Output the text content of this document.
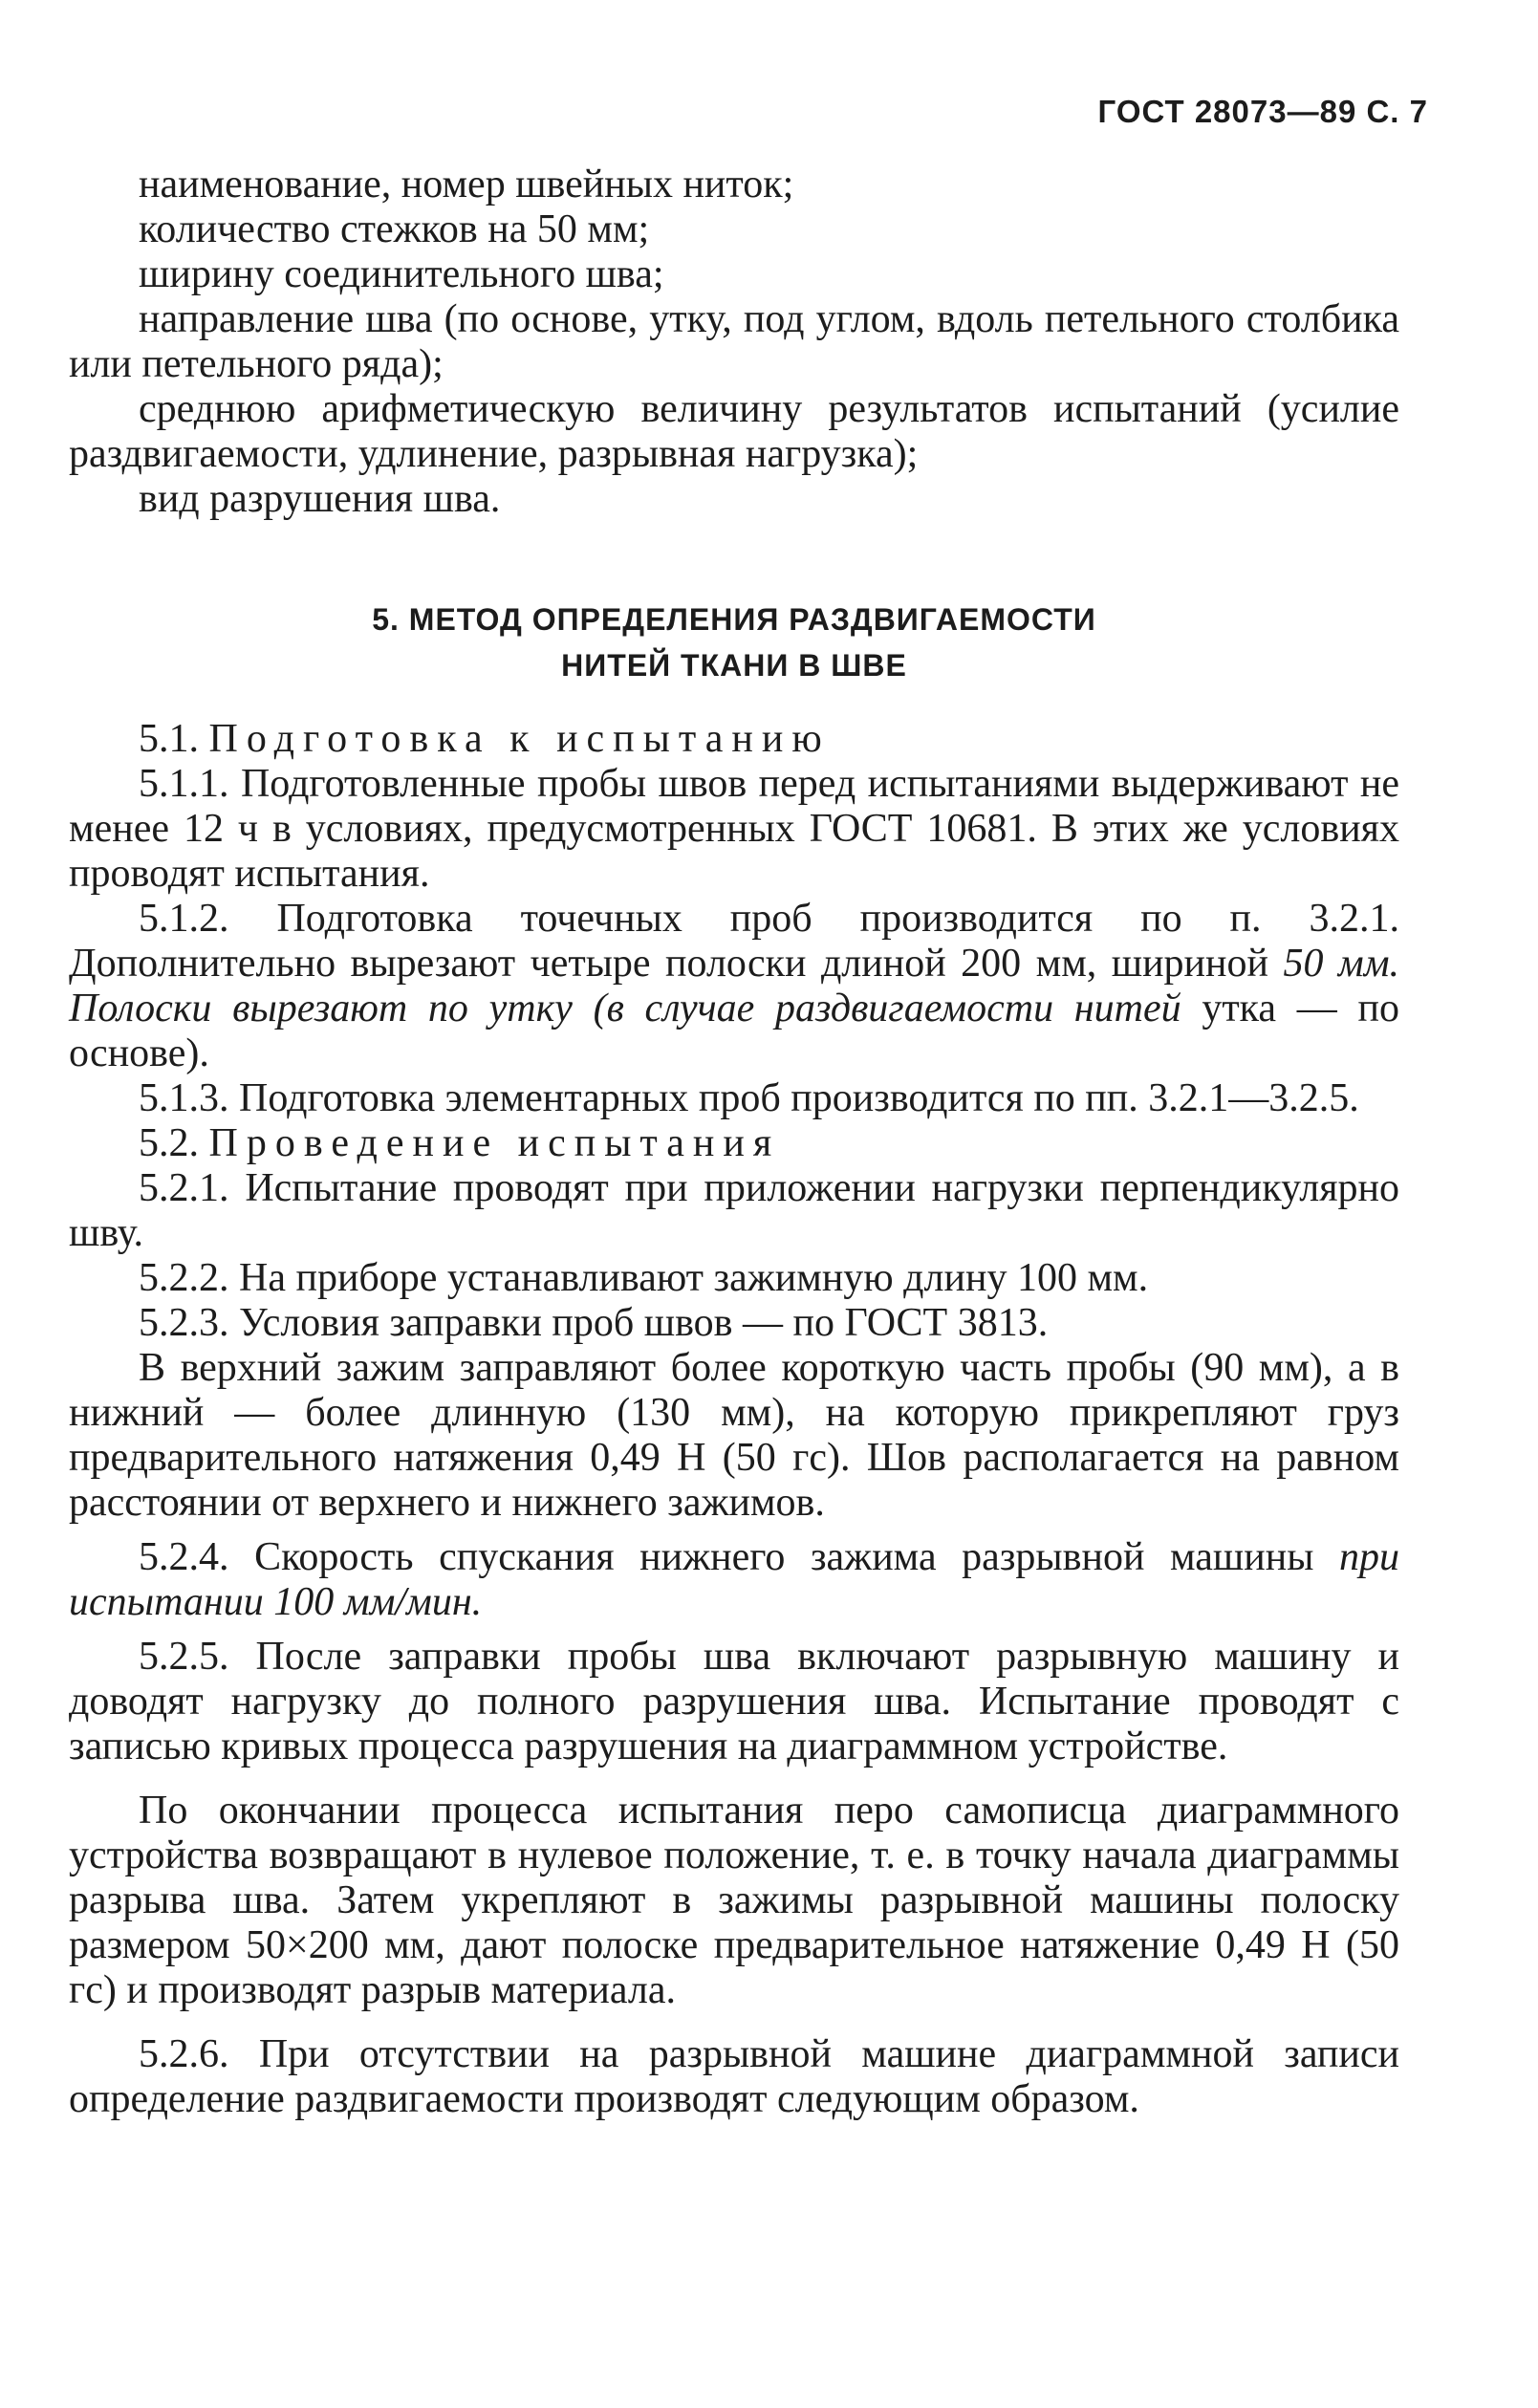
ГОСТ 28073—89 С. 7

наименование, номер швейных ниток;

количество стежков на 50 мм;

ширину соединительного шва;

направление шва (по основе, утку, под углом, вдоль петельного столбика или петельного ряда);

среднюю арифметическую величину результатов испытаний (усилие раздвигаемости, удлинение, разрывная нагрузка);

вид разрушения шва.

5. МЕТОД ОПРЕДЕЛЕНИЯ РАЗДВИГАЕМОСТИ
НИТЕЙ ТКАНИ В ШВЕ

5.1. Подготовка к испытанию

5.1.1. Подготовленные пробы швов перед испытаниями выдерживают не менее 12 ч в условиях, предусмотренных ГОСТ 10681. В этих же условиях проводят испытания.

5.1.2. Подготовка точечных проб производится по п. 3.2.1. Дополнительно вырезают четыре полоски длиной 200 мм, шириной 50 мм. Полоски вырезают по утку (в случае раздвигаемости нитей утка — по основе).

5.1.3. Подготовка элементарных проб производится по пп. 3.2.1—3.2.5.

5.2. Проведение испытания

5.2.1. Испытание проводят при приложении нагрузки перпендикулярно шву.

5.2.2. На приборе устанавливают зажимную длину 100 мм.

5.2.3. Условия заправки проб швов — по ГОСТ 3813.

В верхний зажим заправляют более короткую часть пробы (90 мм), а в нижний — более длинную (130 мм), на которую прикрепляют груз предварительного натяжения 0,49 Н (50 гс). Шов располагается на равном расстоянии от верхнего и нижнего зажимов.

5.2.4. Скорость спускания нижнего зажима разрывной машины при испытании 100 мм/мин.

5.2.5. После заправки пробы шва включают разрывную машину и доводят нагрузку до полного разрушения шва. Испытание проводят с записью кривых процесса разрушения на диаграммном устройстве.

По окончании процесса испытания перо самописца диаграммного устройства возвращают в нулевое положение, т. е. в точку начала диаграммы разрыва шва. Затем укрепляют в зажимы разрывной машины полоску размером 50×200 мм, дают полоске предварительное натяжение 0,49 Н (50 гс) и производят разрыв материала.

5.2.6. При отсутствии на разрывной машине диаграммной записи определение раздвигаемости производят следующим образом.
